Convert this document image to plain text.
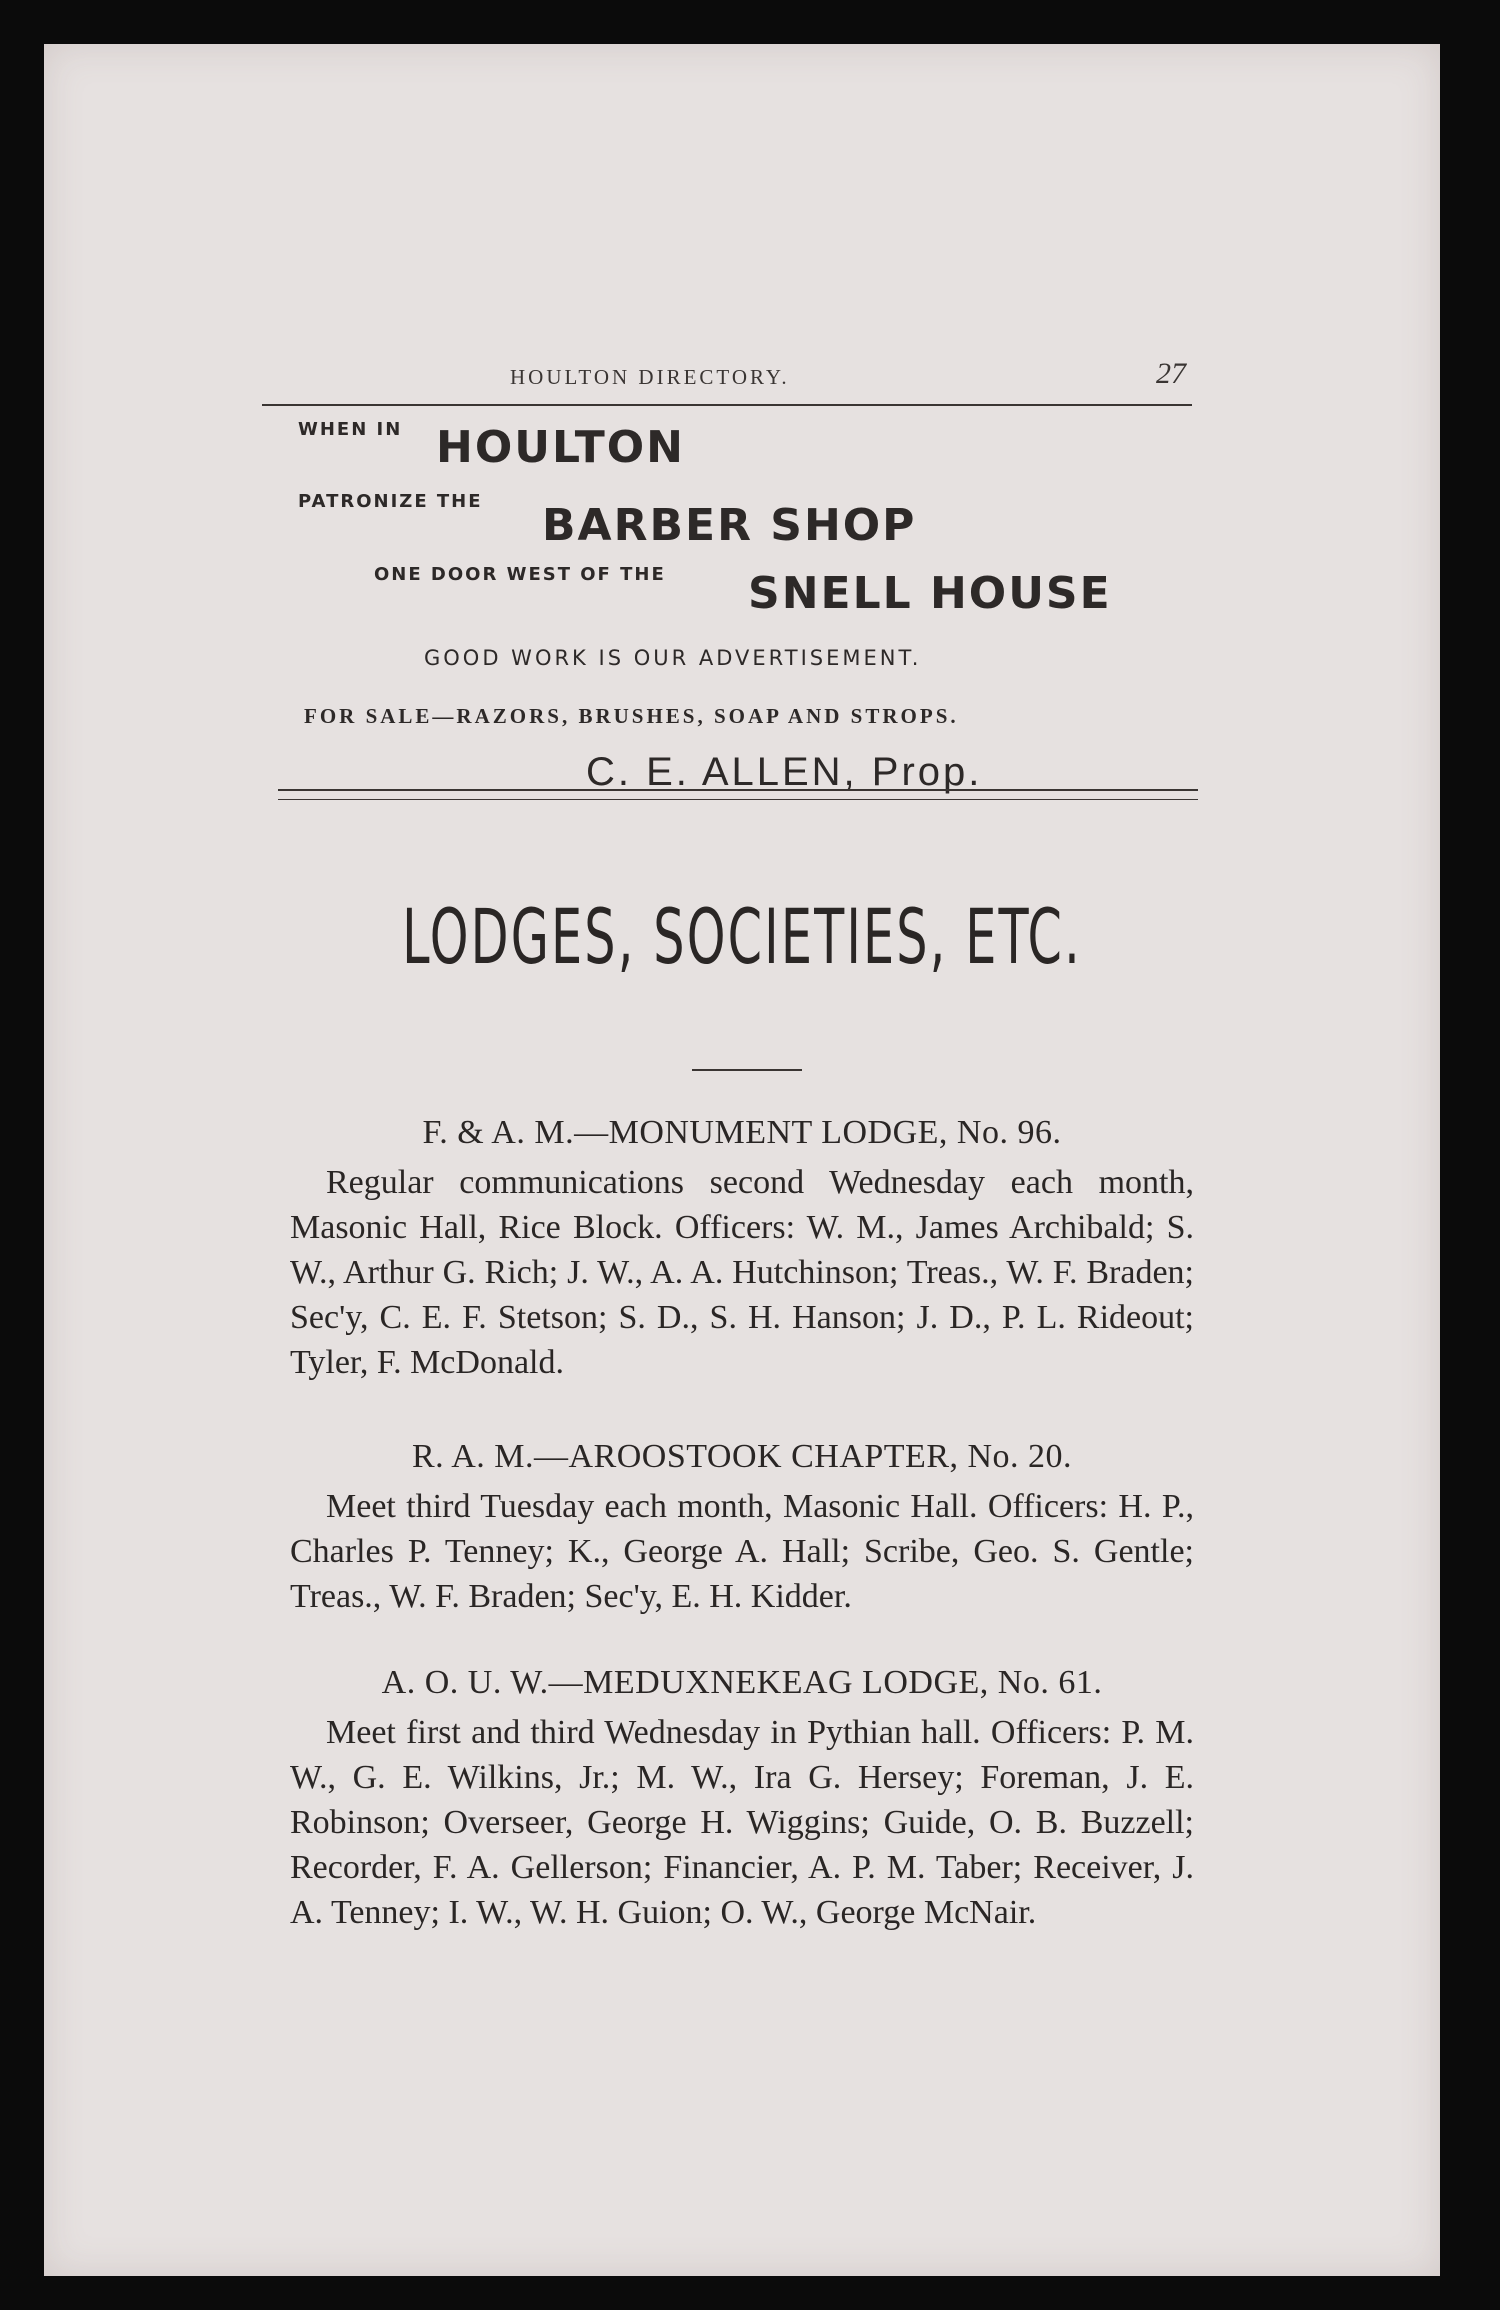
HOULTON DIRECTORY.	27
WHEN IN HOULTON
PATRONIZE THE BARBER SHOP
ONE DOOR WEST OF THE SNELL HOUSE
GOOD WORK IS OUR ADVERTISEMENT.
FOR SALE—RAZORS, BRUSHES, SOAP AND STROPS.
C. E. ALLEN, Prop.
LODGES, SOCIETIES, ETC.

F. & A. M.—MONUMENT LODGE, No. 96.

Regular communications second Wednesday each month, Masonic Hall, Rice Block. Officers: W. M., James Archibald; S. W., Arthur G. Rich; J. W., A. A. Hutchinson; Treas., W. F. Braden; Sec'y, C. E. F. Stetson; S. D., S. H. Hanson; J. D., P. L. Rideout; Tyler, F. McDonald.

R. A. M.—AROOSTOOK CHAPTER, No. 20.

Meet third Tuesday each month, Masonic Hall. Officers: H. P., Charles P. Tenney; K., George A. Hall; Scribe, Geo. S. Gentle; Treas., W. F. Braden; Sec'y, E. H. Kidder.

A. O. U. W.—MEDUXNEKEAG LODGE, No. 61.

Meet first and third Wednesday in Pythian hall. Officers: P. M. W., G. E. Wilkins, Jr.; M. W., Ira G. Hersey; Foreman, J. E. Robinson; Overseer, George H. Wiggins; Guide, O. B. Buzzell; Recorder, F. A. Gellerson; Financier, A. P. M. Taber; Receiver, J. A. Tenney; I. W., W. H. Guion; O. W., George McNair.
